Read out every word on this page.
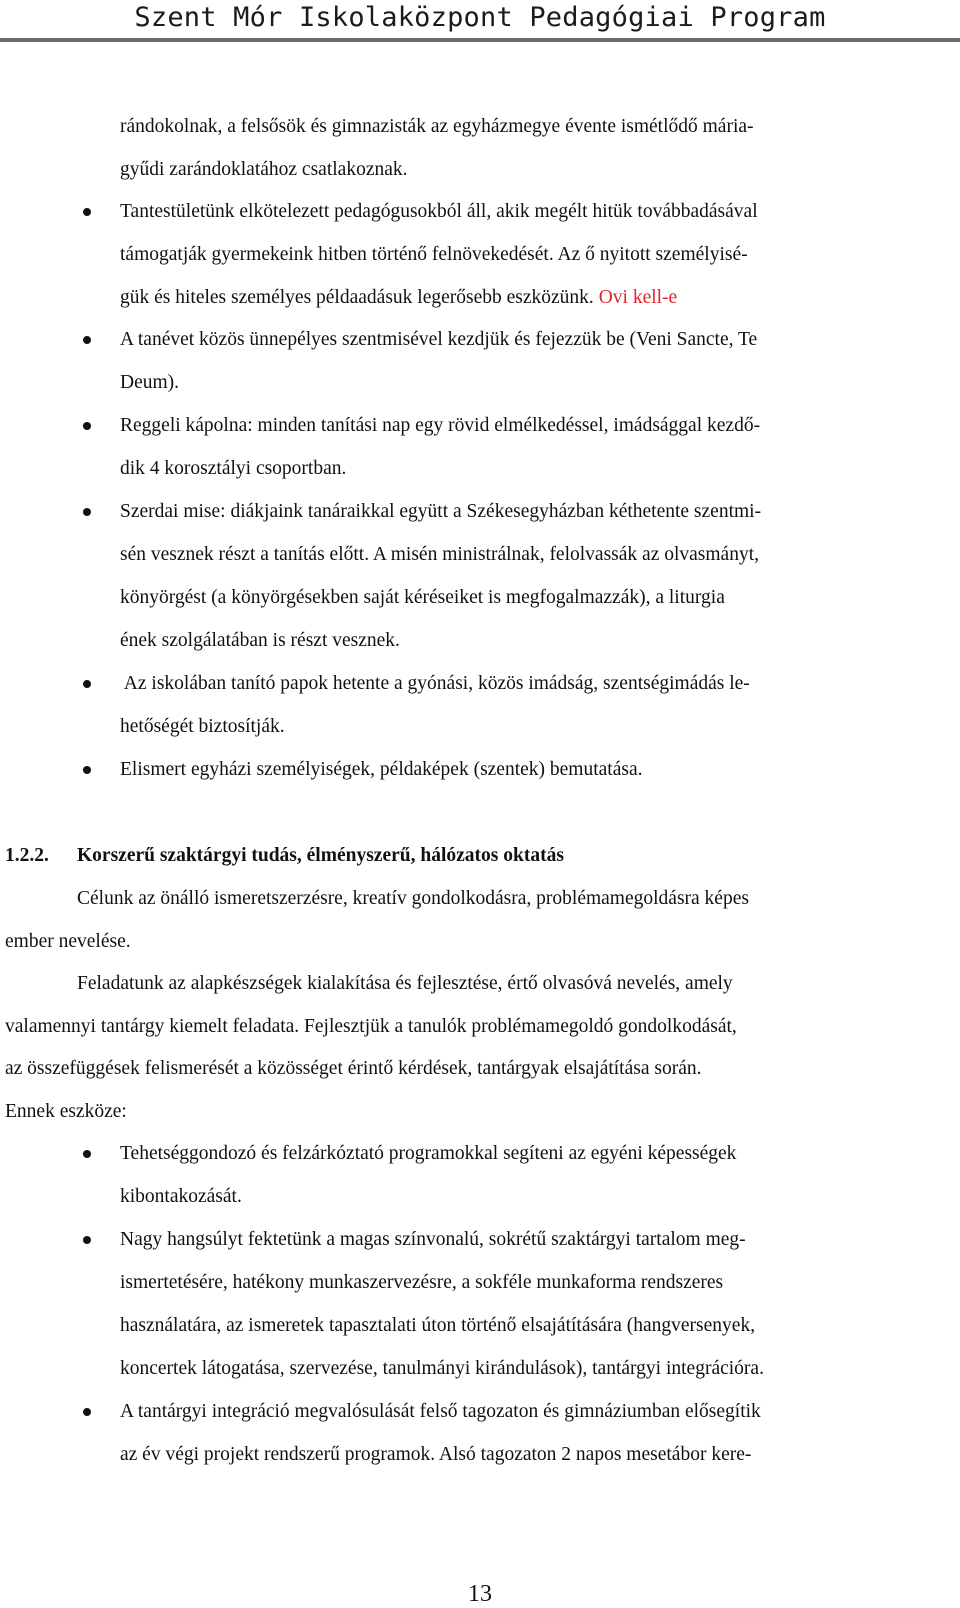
Szent Mór Iskolaközpont Pedagógiai Program
rándokolnak, a felsősök és gimnazisták az egyházmegye évente ismétlődő mária-
gyűdi zarándoklatához csatlakoznak.
Tantestületünk elkötelezett pedagógusokból áll, akik megélt hitük továbbadásával
támogatják gyermekeink hitben történő felnövekedését. Az ő nyitott személyisé-
gük és hiteles személyes példaadásuk legerősebb eszközünk. Ovi kell-e
A tanévet közös ünnepélyes szentmisével kezdjük és fejezzük be (Veni Sancte, Te
Deum).
Reggeli kápolna: minden tanítási nap egy rövid elmélkedéssel, imádsággal kezdő-
dik 4 korosztályi csoportban.
Szerdai mise: diákjaink tanáraikkal együtt a Székesegyházban kéthetente szentmi-
sén vesznek részt a tanítás előtt. A misén ministrálnak, felolvassák az olvasmányt,
könyörgést (a könyörgésekben saját kéréseiket is megfogalmazzák), a liturgia
ének szolgálatában is részt vesznek.
Az iskolában tanító papok hetente a gyónási, közös imádság, szentségimádás le-
hetőségét biztosítják.
Elismert egyházi személyiségek, példaképek (szentek) bemutatása.
1.2.2. Korszerű szaktárgyi tudás, élményszerű, hálózatos oktatás
Célunk az önálló ismeretszerzésre, kreatív gondolkodásra, problémamegoldásra képes
ember nevelése.
Feladatunk az alapkészségek kialakítása és fejlesztése, értő olvasóvá nevelés, amely
valamennyi tantárgy kiemelt feladata. Fejlesztjük a tanulók problémamegoldó gondolkodását,
az összefüggések felismerését a közösséget érintő kérdések, tantárgyak elsajátítása során.
Ennek eszköze:
Tehetséggondozó és felzárkóztató programokkal segíteni az egyéni képességek
kibontakozását.
Nagy hangsúlyt fektetünk a magas színvonalú, sokrétű szaktárgyi tartalom meg-
ismertetésére, hatékony munkaszervezésre, a sokféle munkaforma rendszeres
használatára, az ismeretek tapasztalati úton történő elsajátítására (hangversenyek,
koncertek látogatása, szervezése, tanulmányi kirándulások), tantárgyi integrációra.
A tantárgyi integráció megvalósulását felső tagozaton és gimnáziumban elősegítik
az év végi projekt rendszerű programok. Alsó tagozaton 2 napos mesetábor kere-
13
